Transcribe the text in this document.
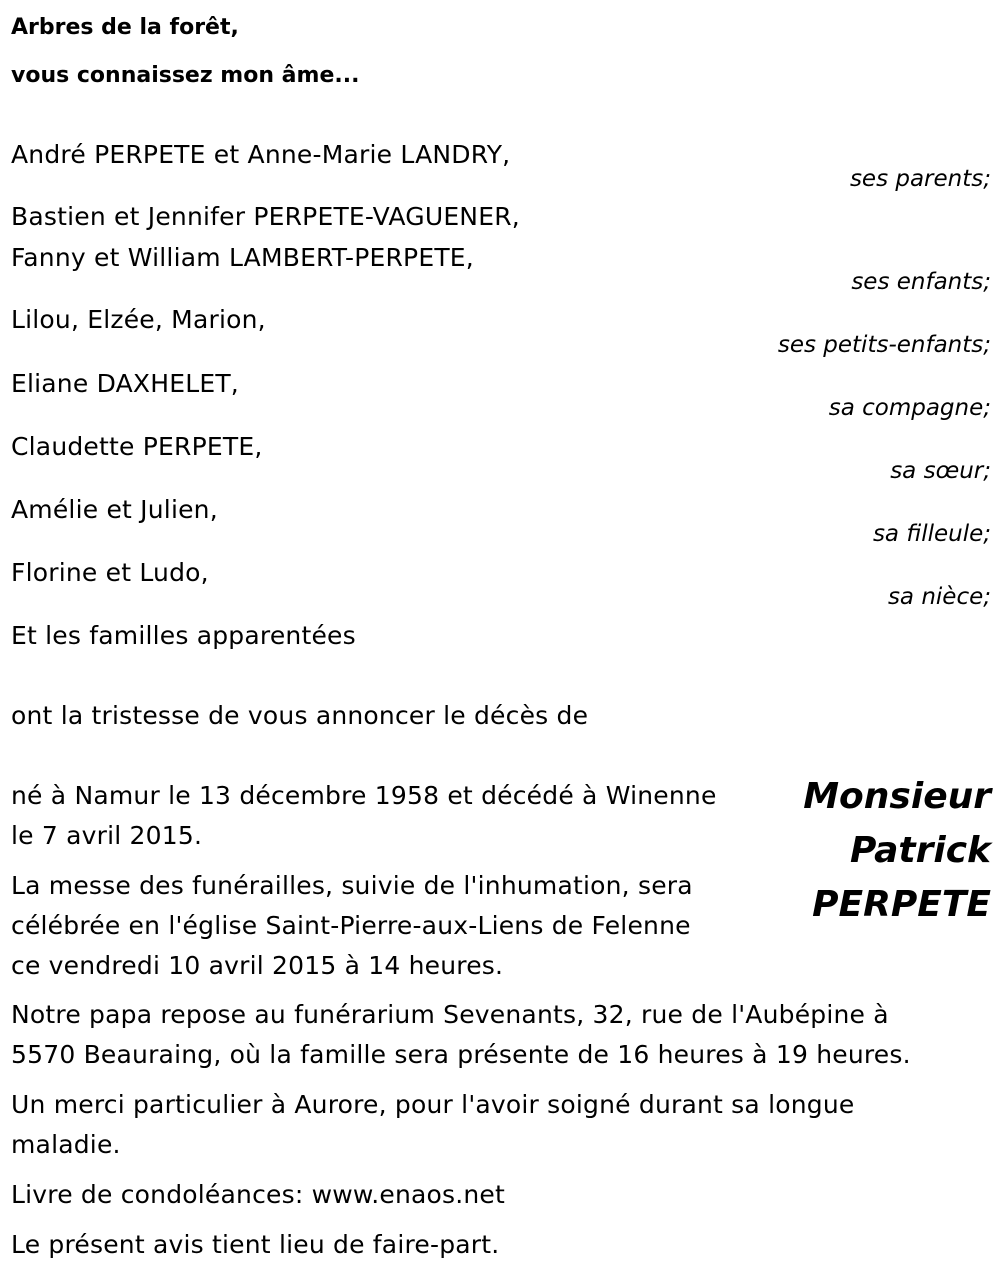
Arbres de la forêt,
vous connaissez mon âme...
André PERPETE et Anne-Marie LANDRY,
ses parents;
Bastien et Jennifer PERPETE-VAGUENER,
Fanny et William LAMBERT-PERPETE,
ses enfants;
Lilou, Elzée, Marion,
ses petits-enfants;
Eliane DAXHELET,
sa compagne;
Claudette PERPETE,
sa sœur;
Amélie et Julien,
sa filleule;
Florine et Ludo,
sa nièce;
Et les familles apparentées
ont la tristesse de vous annoncer le décès de
Monsieur
Patrick
PERPETE
né à Namur le 13 décembre 1958 et décédé à Winenne
le 7 avril 2015.
La messe des funérailles, suivie de l'inhumation, sera
célébrée en l'église Saint-Pierre-aux-Liens de Felenne
ce vendredi 10 avril 2015 à 14 heures.
Notre papa repose au funérarium Sevenants, 32, rue de l'Aubépine à
5570 Beauraing, où la famille sera présente de 16 heures à 19 heures.
Un merci particulier à Aurore, pour l'avoir soigné durant sa longue
maladie.
Livre de condoléances: www.enaos.net
Le présent avis tient lieu de faire-part.
